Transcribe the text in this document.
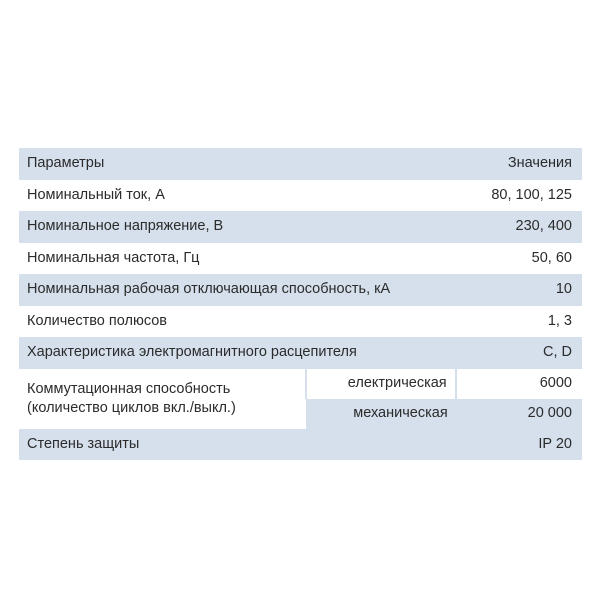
Параметры		Значения
Номинальный ток, А		80, 100, 125
Номинальное напряжение, В		230, 400
Номинальная частота, Гц		50, 60
Номинальная рабочая отключающая способность, кА		10
Количество полюсов		1, 3
Характеристика электромагнитного расцепителя		C, D

Коммутационная способность
(количество циклов вкл./выкл.)	електрическая	6000
	механическая	20 000
Степень защиты		IP 20
